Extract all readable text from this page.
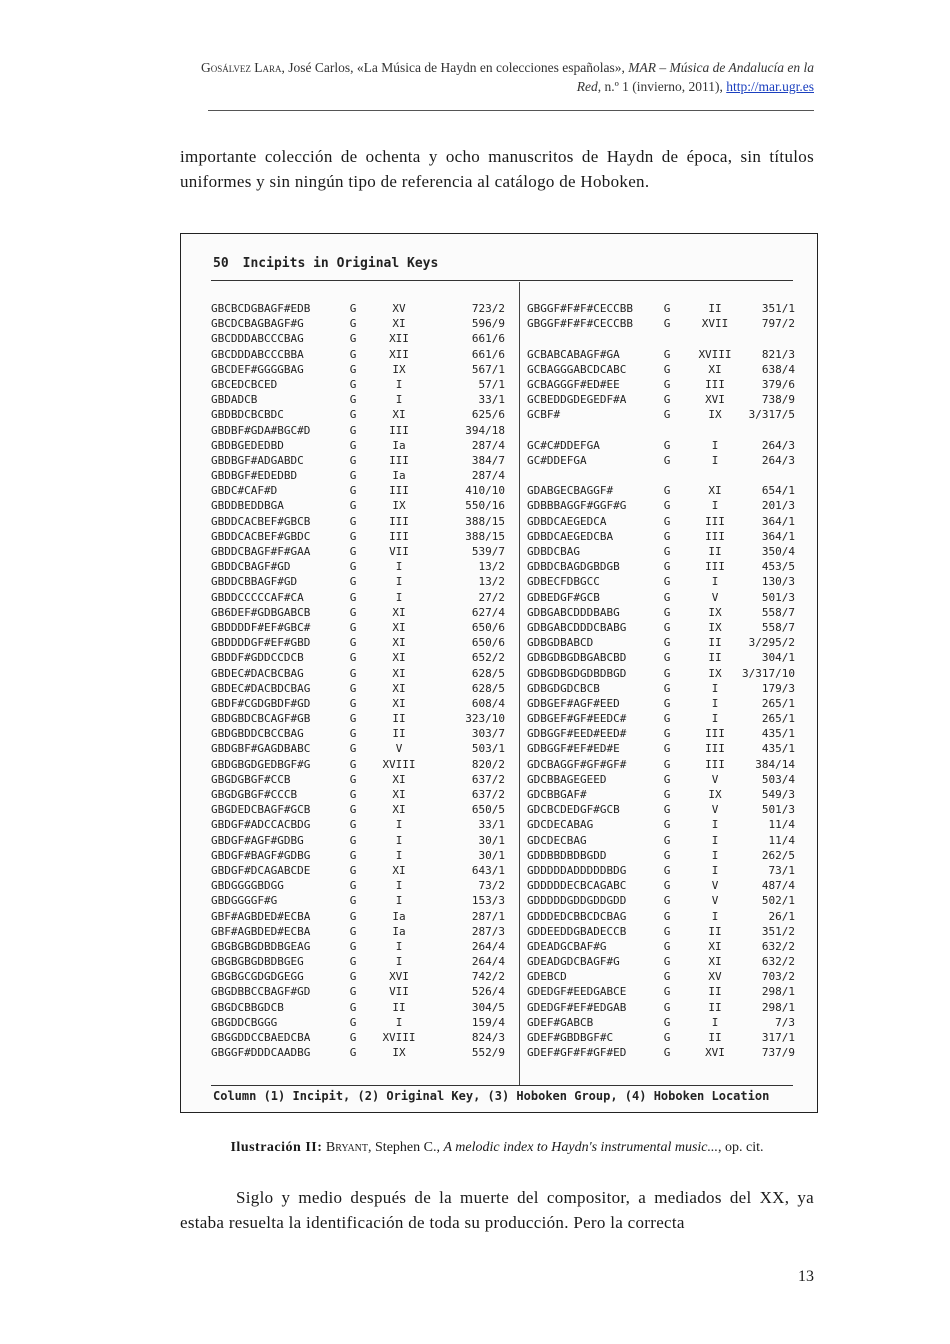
Gosálvez Lara, José Carlos, «La Música de Haydn en colecciones españolas», MAR – Música de Andalucía en la Red, n.º 1 (invierno, 2011), http://mar.ugr.es
importante colección de ochenta y ocho manuscritos de Haydn de época, sin títulos uniformes y sin ningún tipo de referencia al catálogo de Hoboken.
50 Incipits in Original Keys
GBCBCDGBAGF#EDB	G	XV	723/2
GBCDCBAGBAGF#G	G	XI	596/9
GBCDDDABCCCBAG	G	XII	661/6
GBCDDDABCCCBBA	G	XII	661/6
GBCDEF#GGGGBAG	G	IX	567/1
GBCEDCBCED	G	I	57/1
GBDADCB	G	I	33/1
GBDBDCBCBDC	G	XI	625/6
GBDBF#GDA#BGC#D	G	III	394/18
GBDBGEDEDBD	G	Ia	287/4
GBDBGF#ADGABDC	G	III	384/7
GBDBGF#EDEDBD	G	Ia	287/4
GBDC#CAF#D	G	III	410/10
GBDDBEDDBGA	G	IX	550/16
GBDDCACBEF#GBCB	G	III	388/15
GBDDCACBEF#GBDC	G	III	388/15
GBDDCBAGF#F#GAA	G	VII	539/7
GBDDCBAGF#GD	G	I	13/2
GBDDCBBAGF#GD	G	I	13/2
GBDDCCCCCAF#CA	G	I	27/2
GB6DEF#GDBGABCB	G	XI	627/4
GBDDDDF#EF#GBC#	G	XI	650/6
GBDDDDGF#EF#GBD	G	XI	650/6
GBDDF#GDDCCDCB	G	XI	652/2
GBDEC#DACBCBAG	G	XI	628/5
GBDEC#DACBDCBAG	G	XI	628/5
GBDF#CGDGBDF#GD	G	XI	608/4
GBDGBDCBCAGF#GB	G	II	323/10
GBDGBDDCBCCBAG	G	II	303/7
GBDGBF#GAGDBABC	G	V	503/1
GBDGBGDGEDBGF#G	G	XVIII	820/2
GBGDGBGF#CCB	G	XI	637/2
GBGDGBGF#CCCB	G	XI	637/2
GBGDEDCBAGF#GCB	G	XI	650/5
GBDGF#ADCCACBDG	G	I	33/1
GBDGF#AGF#GDBG	G	I	30/1
GBDGF#BAGF#GDBG	G	I	30/1
GBDGF#DCAGABCDE	G	XI	643/1
GBDGGGGBDGG	G	I	73/2
GBDGGGGF#G	G	I	153/3
GBF#AGBDED#ECBA	G	Ia	287/1
GBF#AGBDED#ECBA	G	Ia	287/3
GBGBGBGDBDBGEAG	G	I	264/4
GBGBGBGDBDBGEG	G	I	264/4
GBGBGCGDGDGEGG	G	XVI	742/2
GBGDBBCCBAGF#GD	G	VII	526/4
GBGDCBBGDCB	G	II	304/5
GBGDDCBGGG	G	I	159/4
GBGGDDCCBAEDCBA	G	XVIII	824/3
GBGGF#DDDCAADBG	G	IX	552/9
GBGGF#F#F#CECCBB	G	II	351/1
GBGGF#F#F#CECCBB	G	XVII	797/2
GCBABCABAGF#GA	G	XVIII	821/3
GCBAGGGABCDCABC	G	XI	638/4
GCBAGGGF#ED#EE	G	III	379/6
GCBEDDGDEGEDF#A	G	XVI	738/9
GCBF#	G	IX	3/317/5
GC#C#DDEFGA	G	I	264/3
GC#DDEFGA	G	I	264/3
GDABGECBAGGF#	G	XI	654/1
GDBBBAGGF#GGF#G	G	I	201/3
GDBDCAEGEDCA	G	III	364/1
GDBDCAEGEDCBA	G	III	364/1
GDBDCBAG	G	II	350/4
GDBDCBAGDGBDGB	G	III	453/5
GDBECFDBGCC	G	I	130/3
GDBEDGF#GCB	G	V	501/3
GDBGABCDDDBABG	G	IX	558/7
GDBGABCDDDCBABG	G	IX	558/7
GDBGDBABCD	G	II	3/295/2
GDBGDBGDBGABCBD	G	II	304/1
GDBGDBGDGDBDBGD	G	IX	3/317/10
GDBGDGDCBCB	G	I	179/3
GDBGEF#AGF#EED	G	I	265/1
GDBGEF#GF#EEDC#	G	I	265/1
GDBGGF#EED#EED#	G	III	435/1
GDBGGF#EF#ED#E	G	III	435/1
GDCBAGGF#GF#GF#	G	III	384/14
GDCBBAGEGEED	G	V	503/4
GDCBBGAF#	G	IX	549/3
GDCBCDEDGF#GCB	G	V	501/3
GDCDECABAG	G	I	11/4
GDCDECBAG	G	I	11/4
GDDBBDBDBGDD	G	I	262/5
GDDDDDADDDDDBDG	G	I	73/1
GDDDDDECBCAGABC	G	V	487/4
GDDDDDGDDGDDGDD	G	V	502/1
GDDDEDCBBCDCBAG	G	I	26/1
GDDEEDDGBADECCB	G	II	351/2
GDEADGCBAF#G	G	XI	632/2
GDEADGDCBAGF#G	G	XI	632/2
GDEBCD	G	XV	703/2
GDEDGF#EEDGABCE	G	II	298/1
GDEDGF#EF#EDGAB	G	II	298/1
GDEF#GABCB	G	I	7/3
GDEF#GBDBGF#C	G	II	317/1
GDEF#GF#F#GF#ED	G	XVI	737/9
Column (1) Incipit, (2) Original Key, (3) Hoboken Group, (4) Hoboken Location
Ilustración II: Bryant, Stephen C., A melodic index to Haydn's instrumental music..., op. cit.
Siglo y medio después de la muerte del compositor, a mediados del XX, ya estaba resuelta la identificación de toda su producción. Pero la correcta
13
